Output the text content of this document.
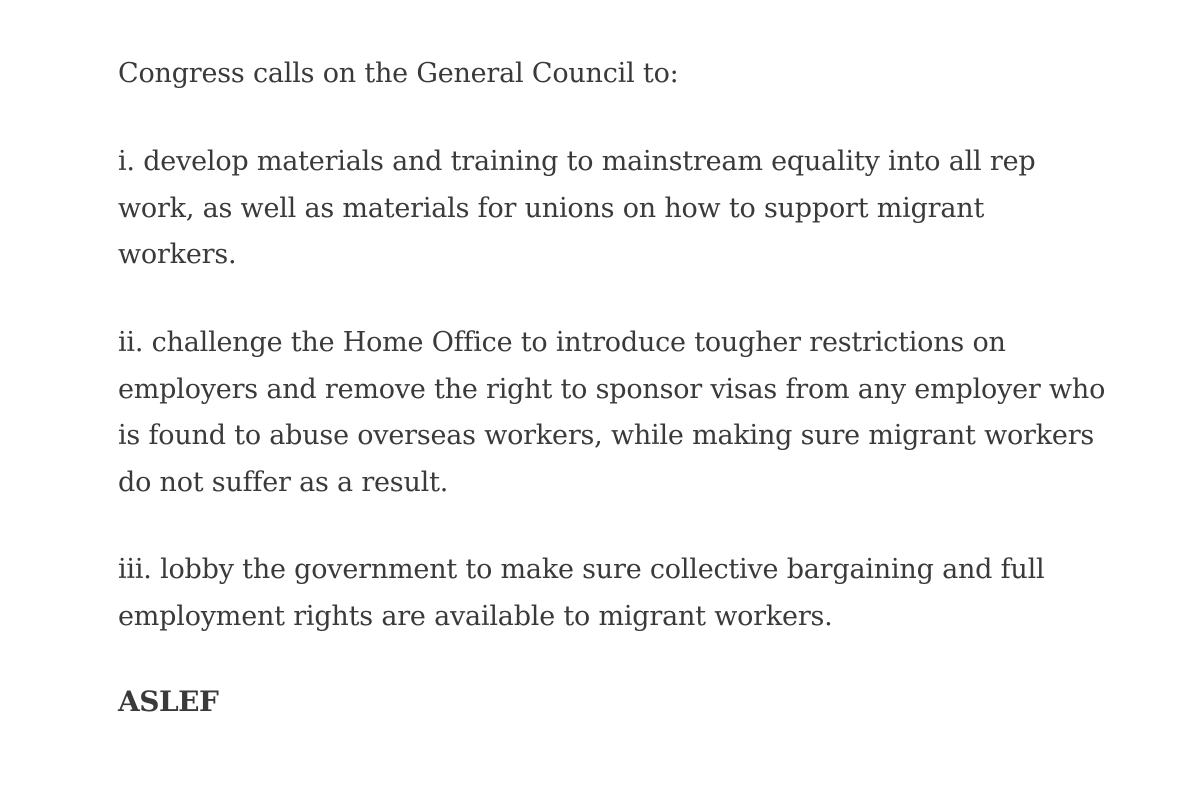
Congress calls on the General Council to:

i. develop materials and training to mainstream equality into all rep work, as well as materials for unions on how to support migrant workers.

ii. challenge the Home Office to introduce tougher restrictions on employers and remove the right to sponsor visas from any employer who is found to abuse overseas workers, while making sure migrant workers do not suffer as a result.

iii. lobby the government to make sure collective bargaining and full employment rights are available to migrant workers.

ASLEF
